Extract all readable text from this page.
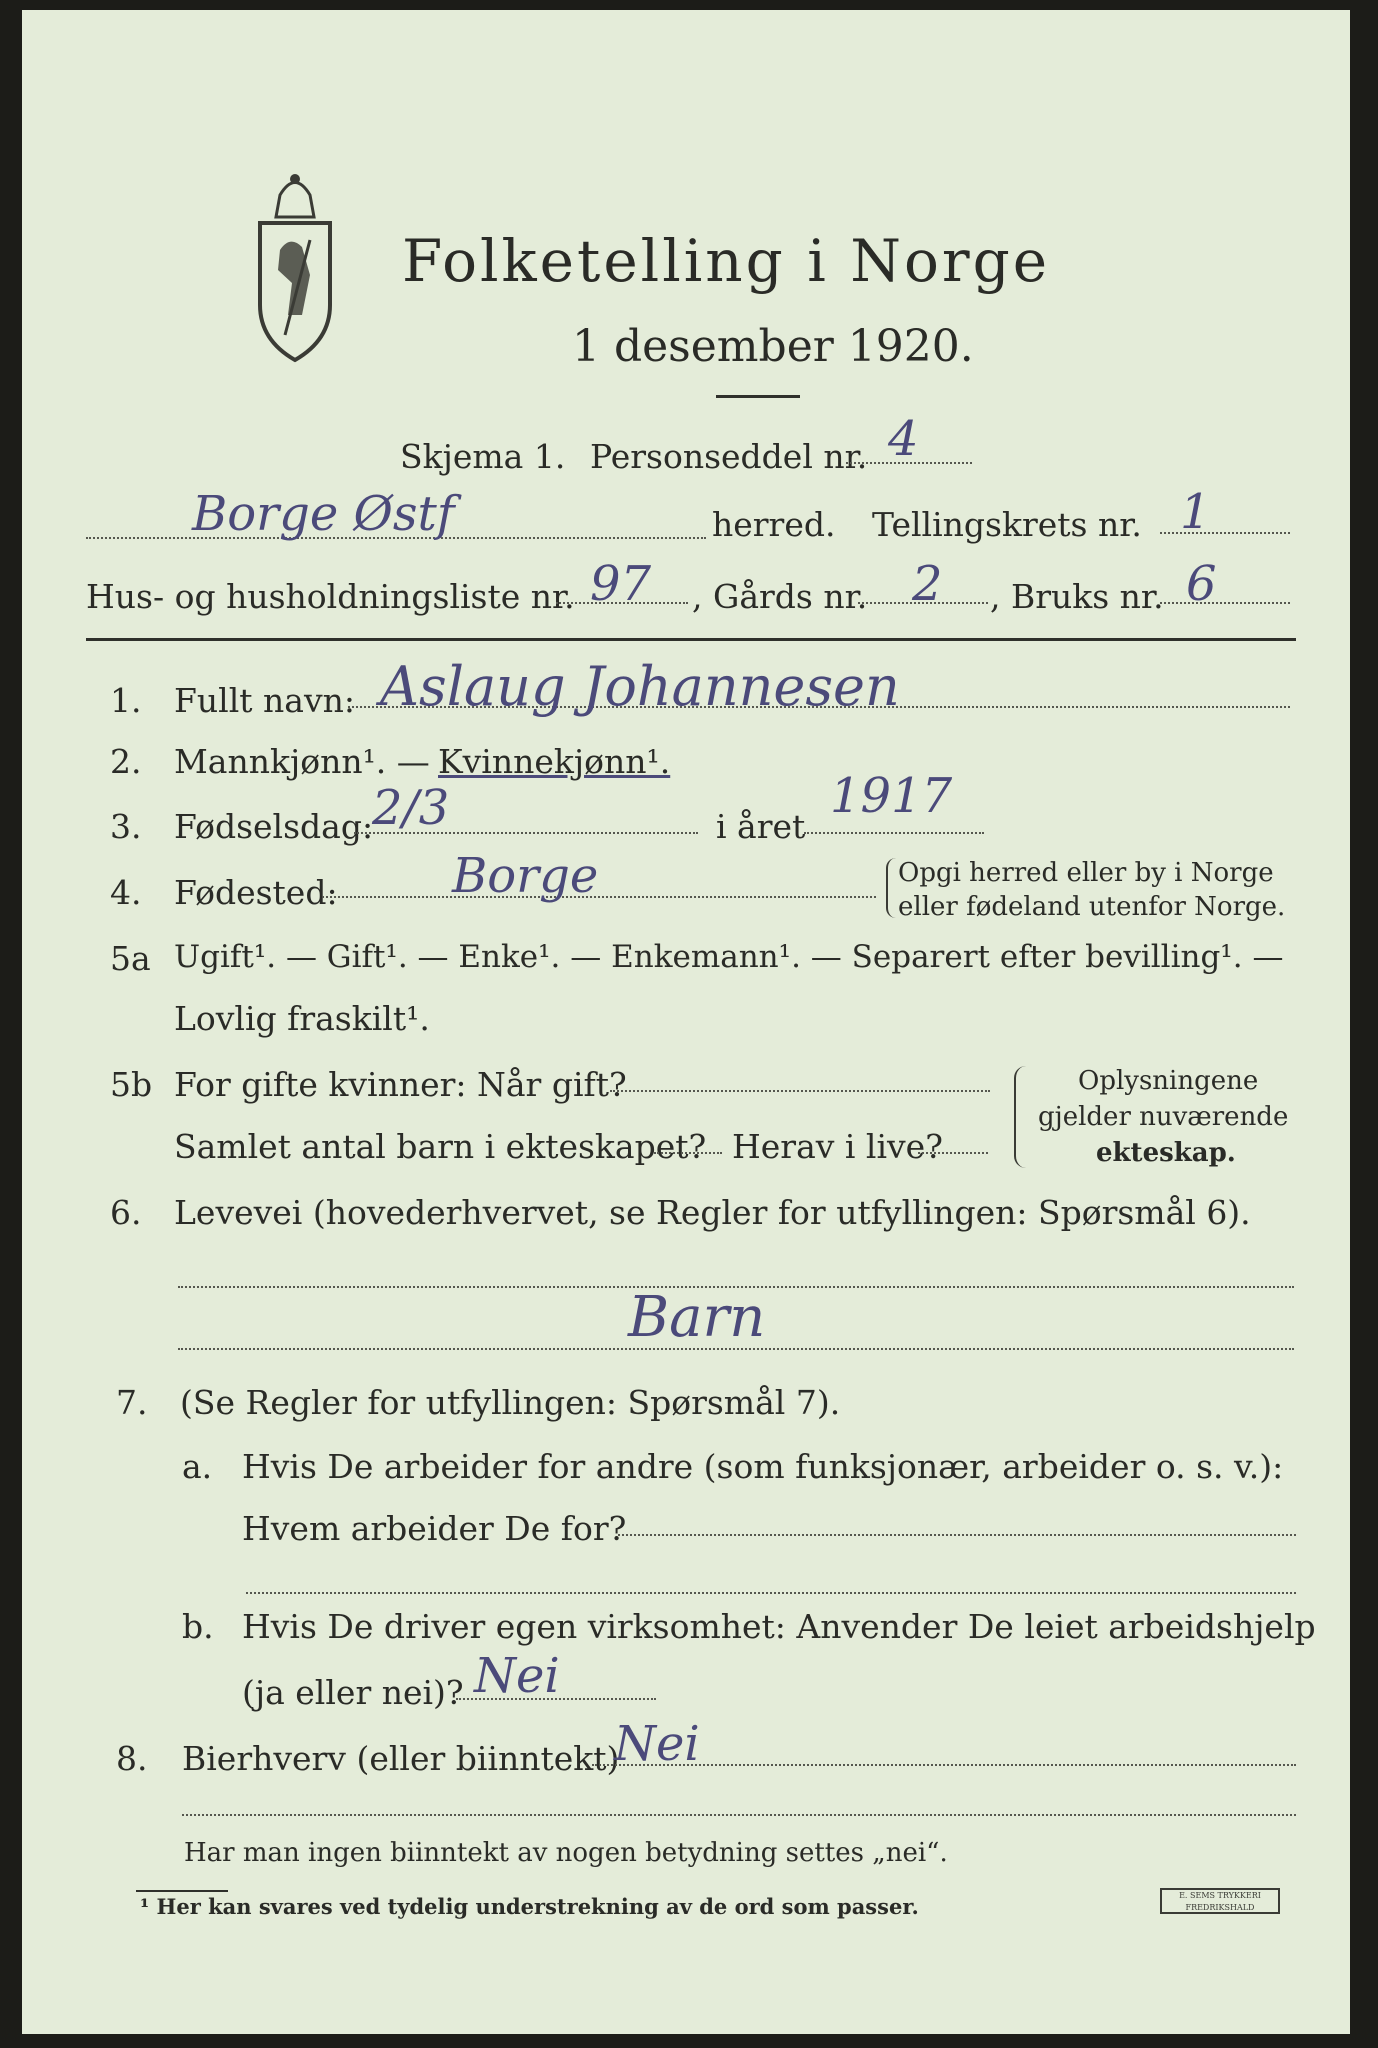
Folketelling i Norge
1 desember 1920.
Skjema 1. Personseddel nr. 4
Borge Østf	herred. Tellingskrets nr. 1
Hus- og husholdningsliste nr. 97 , Gårds nr. 2 , Bruks nr. 6
1. Fullt navn: Aslaug Johannesen
2. Mannkjønn¹. — Kvinnekjønn¹.
3. Fødselsdag:
2/3	i året
1917
4. Fødested: Borge	Opgi herred eller by i Norge
eller fødeland utenfor Norge.
5a Ugift¹. — Gift¹. — Enke¹. — Enkemann¹. — Separert efter bevilling¹. —
Lovlig fraskilt¹.
5b For gifte kvinner: Når gift?
Samlet antal barn i ekteskapet? Herav i live?
Oplysningene
gjelder nuværende
ekteskap.
6. Levevei (hovederhvervet, se Regler for utfyllingen: Spørsmål 6).
Barn
7. (Se Regler for utfyllingen: Spørsmål 7).
a. Hvis De arbeider for andre (som funksjonær, arbeider o. s. v.):
Hvem arbeider De for?
b. Hvis De driver egen virksomhet: Anvender De leiet arbeidshjelp
(ja eller nei)? Nei
8. Bierhverv (eller biinntekt)
Nei
Har man ingen biinntekt av nogen betydning settes „nei“.
¹ Her kan svares ved tydelig understrekning av de ord som passer.	E. SEMS TRYKKERI FREDRIKSHALD
